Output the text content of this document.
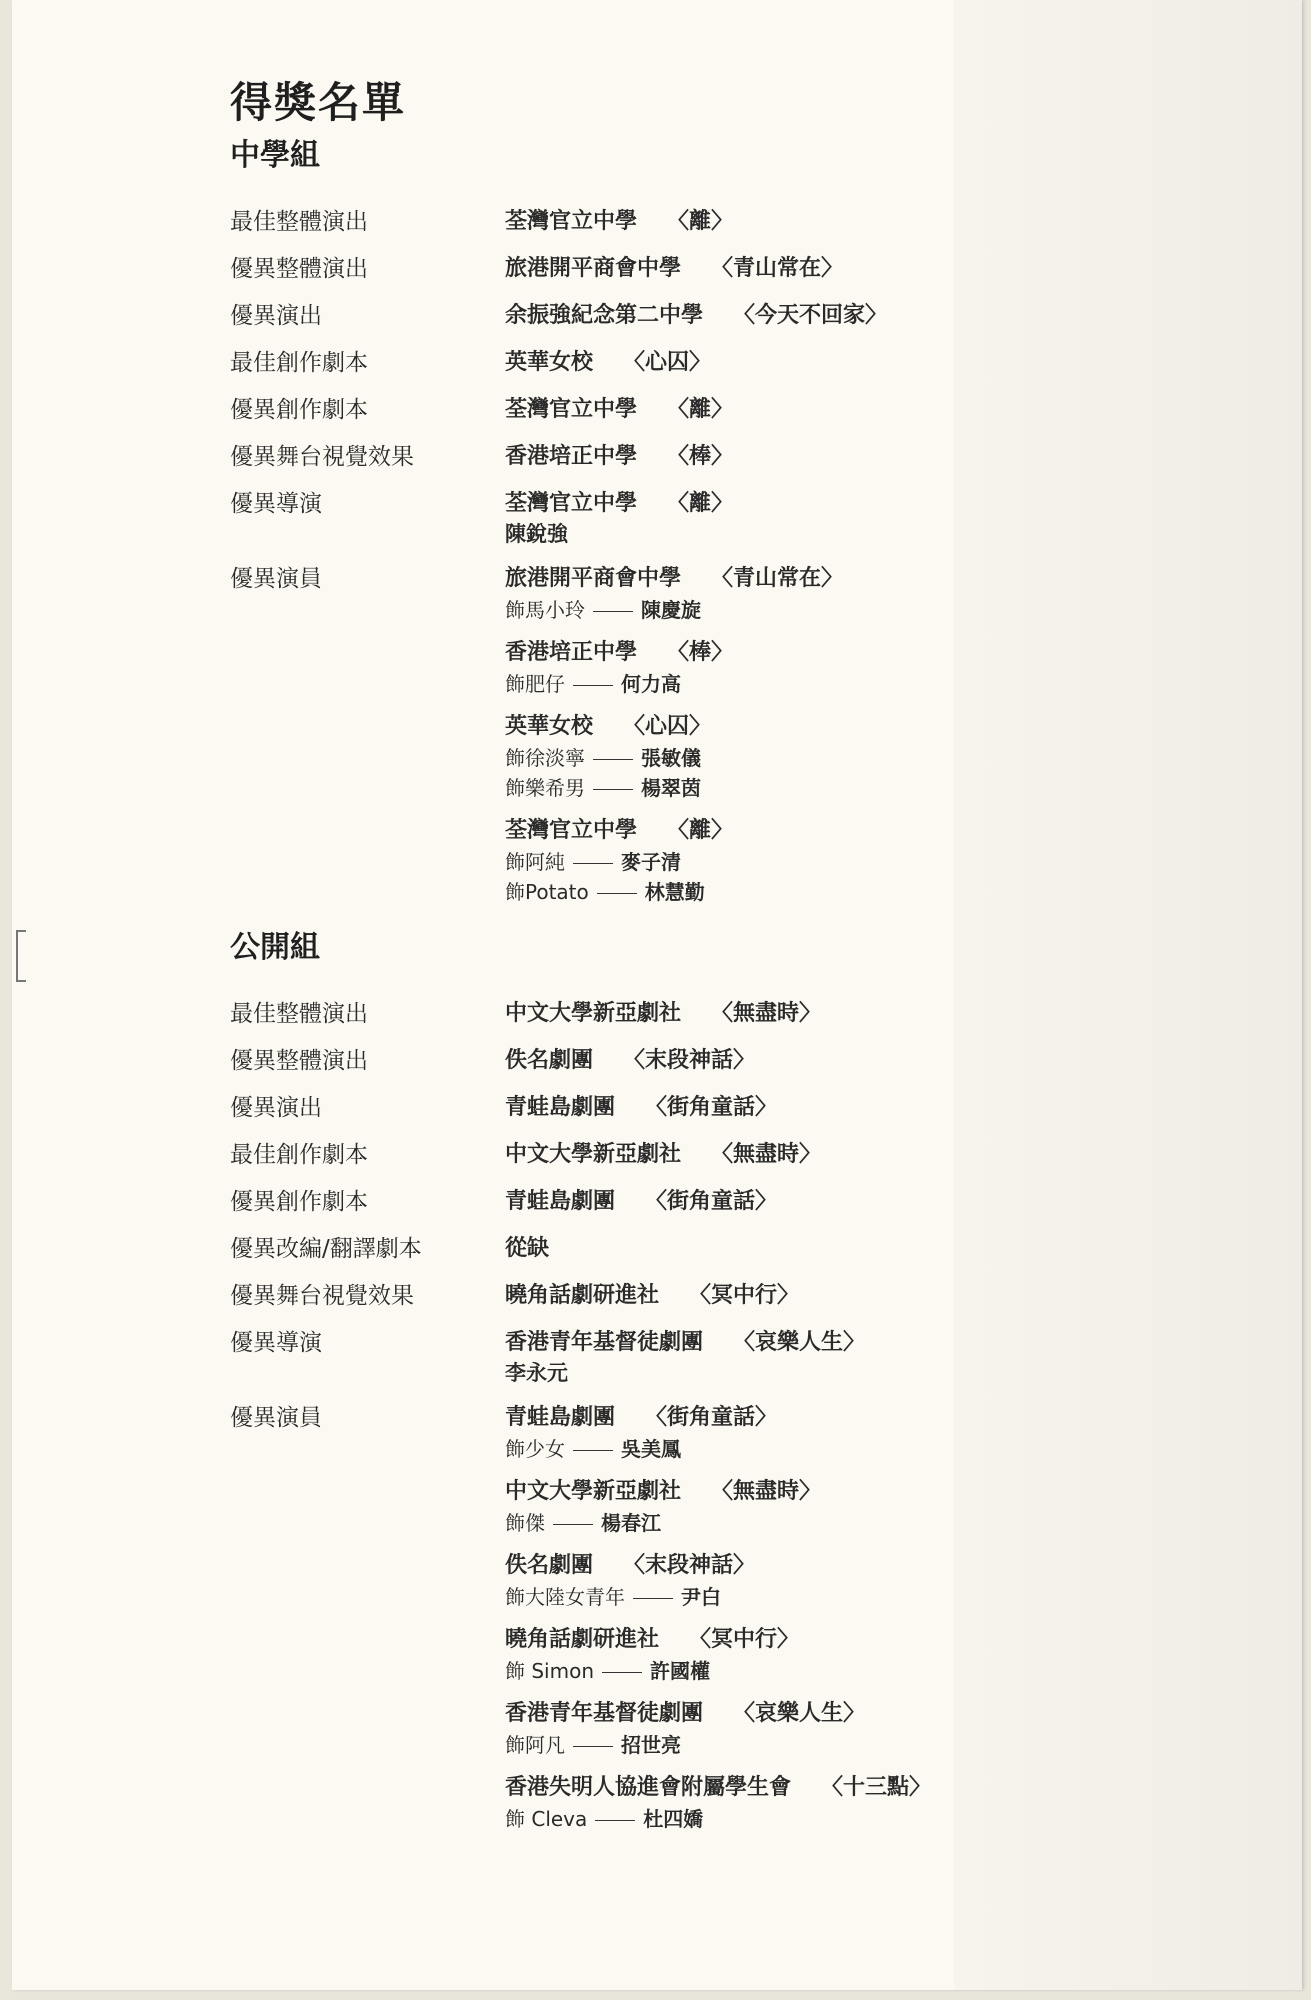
得獎名單
中學組
最佳整體演出	荃灣官立中學 〈離〉
優異整體演出	旅港開平商會中學 〈青山常在〉
優異演出	余振強紀念第二中學 〈今天不回家〉
最佳創作劇本	英華女校 〈心囚〉
優異創作劇本	荃灣官立中學 〈離〉
優異舞台視覺效果	香港培正中學 〈棒〉
優異導演	荃灣官立中學 〈離〉
陳銳強
優異演員	旅港開平商會中學 〈青山常在〉
飾馬小玲	陳慶旋
香港培正中學 〈棒〉
飾肥仔	何力高
英華女校 〈心囚〉
飾徐淡寧	張敏儀
飾樂希男	楊翠茵
荃灣官立中學 〈離〉
飾阿純	麥子清
飾Potato	林慧勤
公開組
最佳整體演出	中文大學新亞劇社 〈無盡時〉
優異整體演出	佚名劇團 〈末段神話〉
優異演出	青蛙島劇團 〈街角童話〉
最佳創作劇本	中文大學新亞劇社 〈無盡時〉
優異創作劇本	青蛙島劇團 〈街角童話〉
優異改編/翻譯劇本	從缺
優異舞台視覺效果	曉角話劇研進社 〈冥中行〉
優異導演	香港青年基督徒劇團 〈哀樂人生〉
李永元
優異演員	青蛙島劇團 〈街角童話〉
飾少女	吳美鳳
中文大學新亞劇社 〈無盡時〉
飾傑	楊春江
佚名劇團 〈末段神話〉
飾大陸女青年	尹白
曉角話劇研進社 〈冥中行〉
飾 Simon	許國權
香港青年基督徒劇團 〈哀樂人生〉
飾阿凡	招世亮
香港失明人協進會附屬學生會 〈十三點〉
飾 Cleva	杜四嬌
